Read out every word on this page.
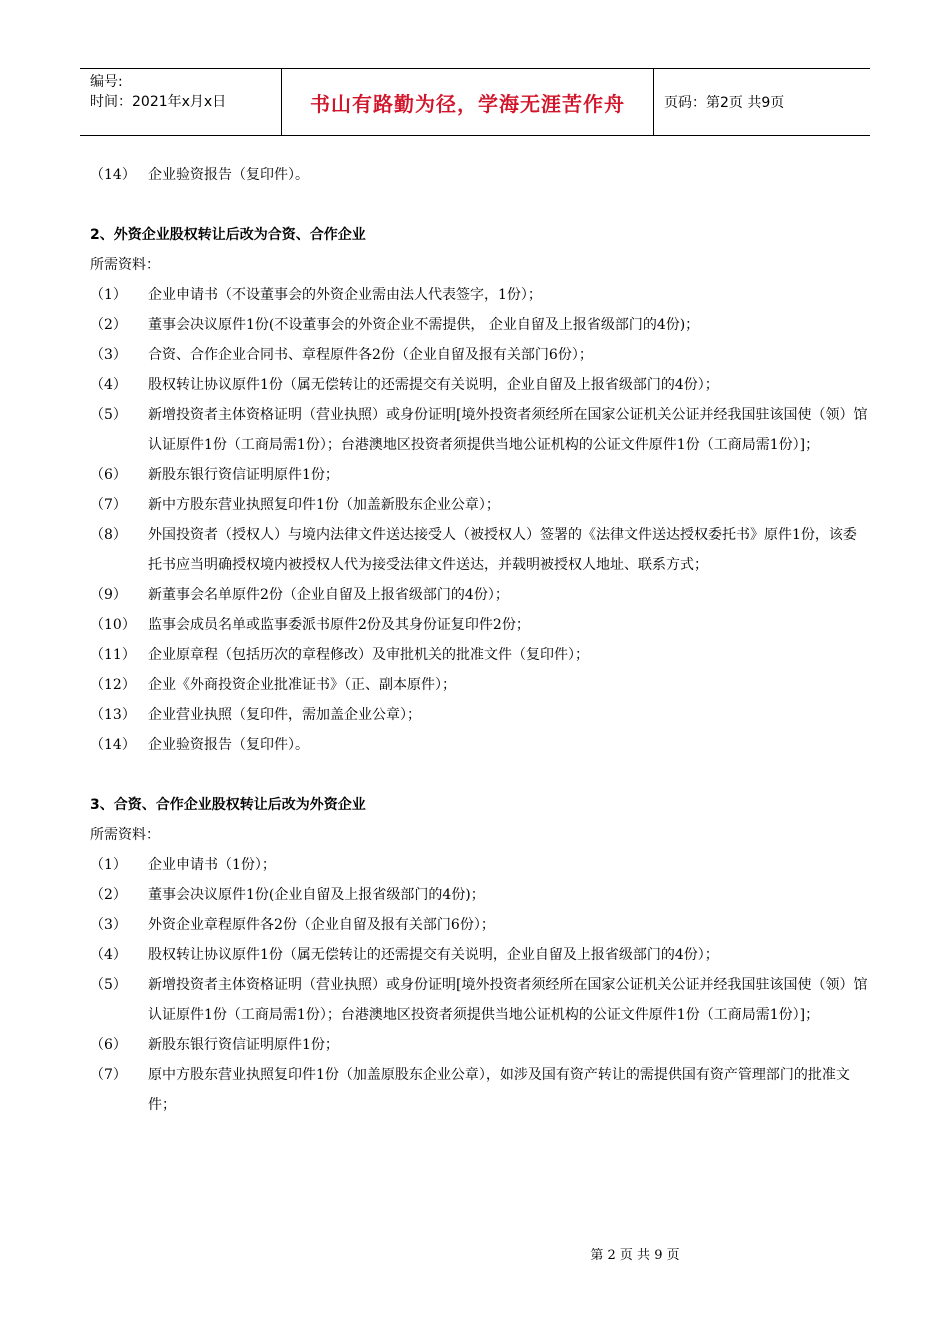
编号:
时间：2021年x月x日	书山有路勤为径，学海无涯苦作舟	页码：第2页 共9页
（14） 企业验资报告（复印件）。
2、外资企业股权转让后改为合资、合作企业
所需资料：
（1）	企业申请书（不设董事会的外资企业需由法人代表签字，1份）；
（2）	董事会决议原件1份(不设董事会的外资企业不需提供， 企业自留及上报省级部门的4份)；
（3）	合资、合作企业合同书、章程原件各2份（企业自留及报有关部门6份）；
（4）	股权转让协议原件1份（属无偿转让的还需提交有关说明，企业自留及上报省级部门的4份）；
（5）	新增投资者主体资格证明（营业执照）或身份证明[境外投资者须经所在国家公证机关公证并经我国驻该国使（领）馆认证原件1份（工商局需1份）；台港澳地区投资者须提供当地公证机构的公证文件原件1份（工商局需1份）]；
（6）	新股东银行资信证明原件1份；
（7）	新中方股东营业执照复印件1份（加盖新股东企业公章）；
（8）	外国投资者（授权人）与境内法律文件送达接受人（被授权人）签署的《法律文件送达授权委托书》原件1份，该委托书应当明确授权境内被授权人代为接受法律文件送达，并载明被授权人地址、联系方式；
（9）	新董事会名单原件2份（企业自留及上报省级部门的4份）；
（10） 监事会成员名单或监事委派书原件2份及其身份证复印件2份；
（11） 企业原章程（包括历次的章程修改）及审批机关的批准文件（复印件）；
（12） 企业《外商投资企业批准证书》（正、副本原件）；
（13） 企业营业执照（复印件，需加盖企业公章）；
（14） 企业验资报告（复印件）。
3、合资、合作企业股权转让后改为外资企业
所需资料：
（1）	企业申请书（1份）；
（2）	董事会决议原件1份(企业自留及上报省级部门的4份)；
（3）	外资企业章程原件各2份（企业自留及报有关部门6份）；
（4）	股权转让协议原件1份（属无偿转让的还需提交有关说明，企业自留及上报省级部门的4份）；
（5）	新增投资者主体资格证明（营业执照）或身份证明[境外投资者须经所在国家公证机关公证并经我国驻该国使（领）馆认证原件1份（工商局需1份）；台港澳地区投资者须提供当地公证机构的公证文件原件1份（工商局需1份）]；
（6）	新股东银行资信证明原件1份；
（7）	原中方股东营业执照复印件1份（加盖原股东企业公章），如涉及国有资产转让的需提供国有资产管理部门的批准文件；
第 2 页 共 9 页
